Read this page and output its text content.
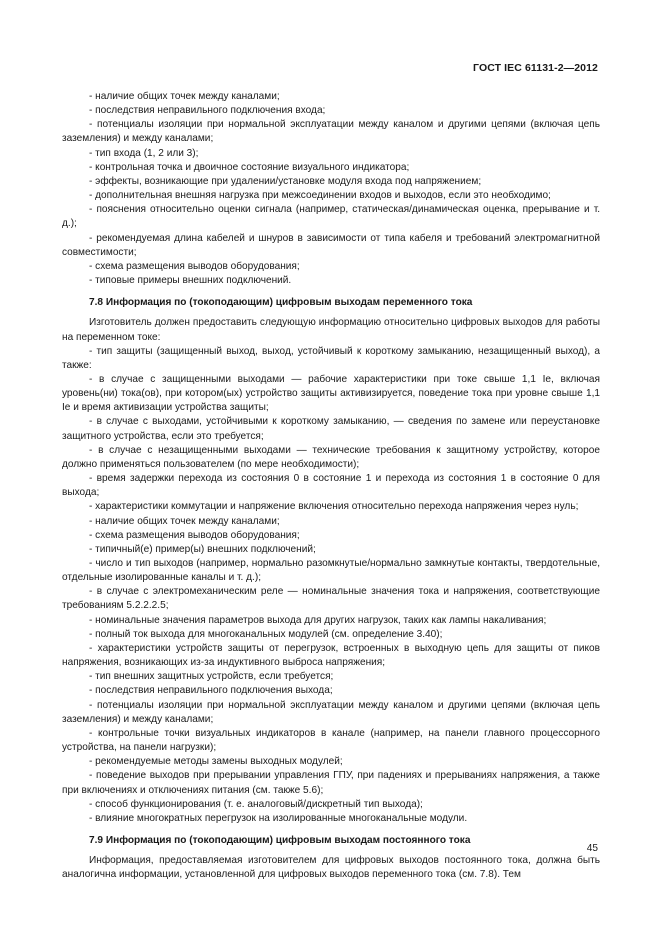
ГОСТ IEC 61131-2—2012

- наличие общих точек между каналами;

- последствия неправильного подключения входа;

- потенциалы изоляции при нормальной эксплуатации между каналом и другими цепями (включая цепь заземления) и между каналами;

- тип входа (1, 2 или 3);

- контрольная точка и двоичное состояние визуального индикатора;

- эффекты, возникающие при удалении/установке модуля входа под напряжением;

- дополнительная внешняя нагрузка при межсоединении входов и выходов, если это необходимо;

- пояснения относительно оценки сигнала (например, статическая/динамическая оценка, прерывание и т. д.);

- рекомендуемая длина кабелей и шнуров в зависимости от типа кабеля и требований электромагнитной совместимости;

- схема размещения выводов оборудования;

- типовые примеры внешних подключений.

7.8 Информация по (токоподающим) цифровым выходам переменного тока

Изготовитель должен предоставить следующую информацию относительно цифровых выходов для работы на переменном токе:

- тип защиты (защищенный выход, выход, устойчивый к короткому замыканию, незащищенный выход), а также:

- в случае с защищенными выходами — рабочие характеристики при токе свыше 1,1 Iе, включая уровень(ни) тока(ов), при котором(ых) устройство защиты активизируется, поведение тока при уровне свыше 1,1 Iе и время активизации устройства защиты;

- в случае с выходами, устойчивыми к короткому замыканию, — сведения по замене или переустановке защитного устройства, если это требуется;

- в случае с незащищенными выходами — технические требования к защитному устройству, которое должно применяться пользователем (по мере необходимости);

- время задержки перехода из состояния 0 в состояние 1 и перехода из состояния 1 в состояние 0 для выхода;

- характеристики коммутации и напряжение включения относительно перехода напряжения через нуль;

- наличие общих точек между каналами;

- схема размещения выводов оборудования;

- типичный(е) пример(ы) внешних подключений;

- число и тип выходов (например, нормально разомкнутые/нормально замкнутые контакты, твердотельные, отдельные изолированные каналы и т. д.);

- в случае с электромеханическим реле — номинальные значения тока и напряжения, соответствующие требованиям 5.2.2.2.5;

- номинальные значения параметров выхода для других нагрузок, таких как лампы накаливания;

- полный ток выхода для многоканальных модулей (см. определение 3.40);

- характеристики устройств защиты от перегрузок, встроенных в выходную цепь для защиты от пиков напряжения, возникающих из-за индуктивного выброса напряжения;

- тип внешних защитных устройств, если требуется;

- последствия неправильного подключения выхода;

- потенциалы изоляции при нормальной эксплуатации между каналом и другими цепями (включая цепь заземления) и между каналами;

- контрольные точки визуальных индикаторов в канале (например, на панели главного процессорного устройства, на панели нагрузки);

- рекомендуемые методы замены выходных модулей;

- поведение выходов при прерывании управления ГПУ, при падениях и прерываниях напряжения, а также при включениях и отключениях питания (см. также 5.6);

- способ функционирования (т. е. аналоговый/дискретный тип выхода);

- влияние многократных перегрузок на изолированные многоканальные модули.

7.9 Информация по (токоподающим) цифровым выходам постоянного тока

Информация, предоставляемая изготовителем для цифровых выходов постоянного тока, должна быть аналогична информации, установленной для цифровых выходов переменного тока (см. 7.8). Тем

45
